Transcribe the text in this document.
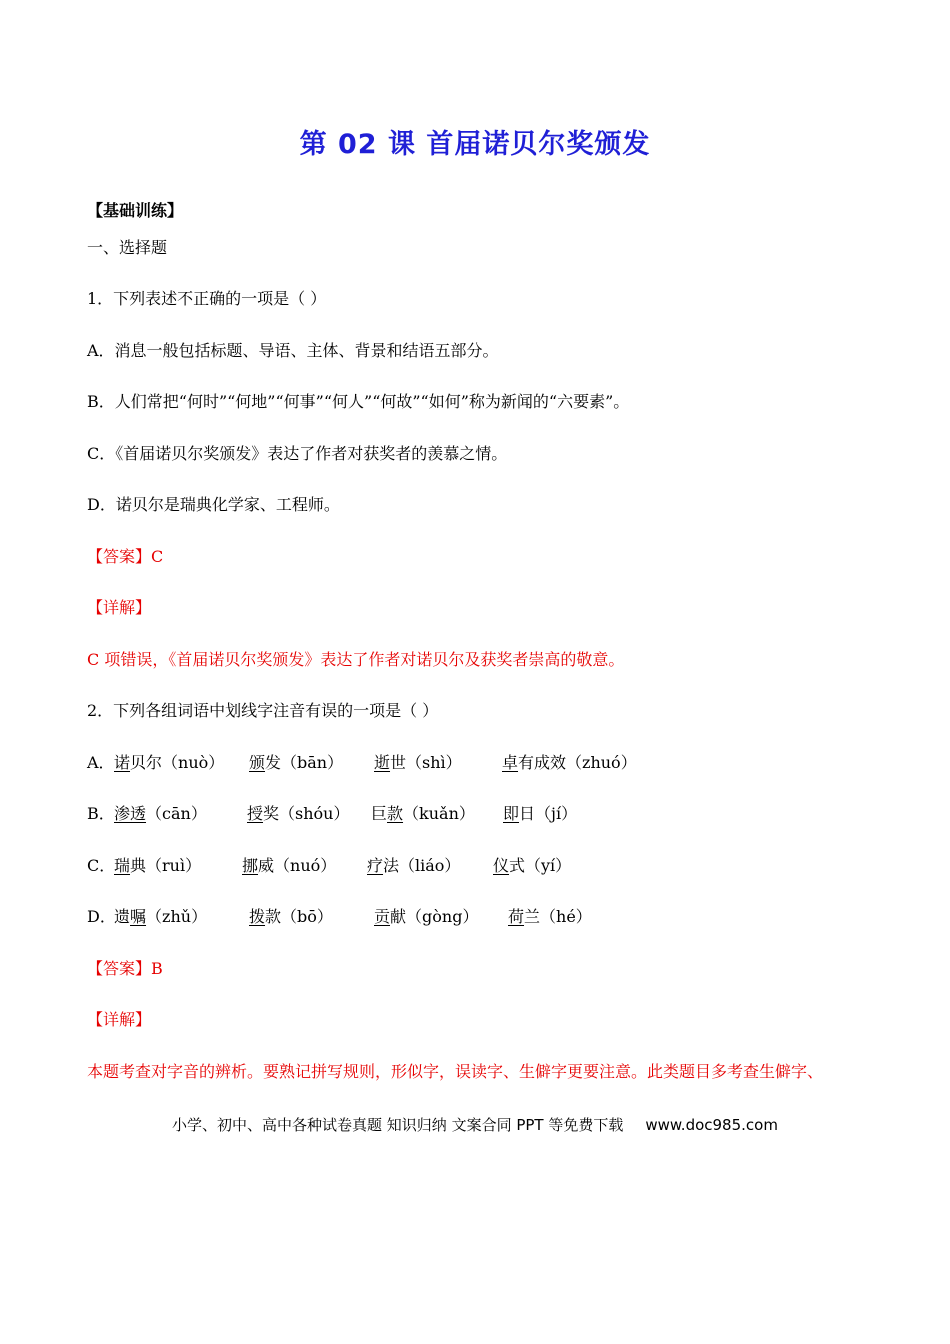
第 02 课 首届诺贝尔奖颁发
【基础训练】
一、选择题
1．下列表述不正确的一项是（ ）
A．消息一般包括标题、导语、主体、背景和结语五部分。
B．人们常把“何时”“何地”“何事”“何人”“何故”“如何”称为新闻的“六要素”。
C．《首届诺贝尔奖颁发》表达了作者对获奖者的羡慕之情。
D．诺贝尔是瑞典化学家、工程师。
【答案】C
【详解】
C 项错误，《首届诺贝尔奖颁发》表达了作者对诺贝尔及获奖者崇高的敬意。
2．下列各组词语中划线字注音有误的一项是（ ）
A． 诺贝尔（nuò） 颁发（bān） 逝世（shì）	卓有成效（zhuó）
B． 渗透（cān）	授奖（shóu） 巨款（kuǎn） 即日（jí）
C．
瑞典（ruì）	挪威（nuó） 疗法（liáo） 仪式（yí）
D．
遗嘱（zhǔ）	拨款（bō）	贡献（gòng） 荷兰（hé）
【答案】B
【详解】
本题考查对字音的辨析。要熟记拼写规则，形似字，误读字、生僻字更要注意。此类题目多考查生僻字、
小学、初中、高中各种试卷真题 知识归纳 文案合同 PPT 等免费下载 www.doc985.com
